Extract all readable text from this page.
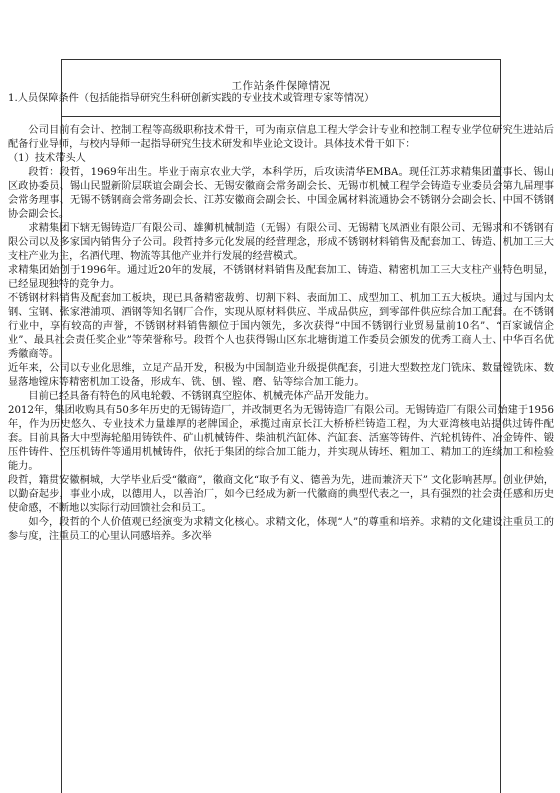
工作站条件保障情况

1.人员保障条件（包括能指导研究生科研创新实践的专业技术或管理专家等情况）

公司目前有会计、控制工程等高级职称技术骨干，可为南京信息工程大学会计专业和控制工程专业学位研究生进站后配备行业导师，与校内导师一起指导研究生技术研发和毕业论文设计。具体技术骨干如下：

（1）技术带头人

段哲：段哲，1969年出生。毕业于南京农业大学，本科学历，后攻读清华EMBA。现任江苏求精集团董事长、锡山区政协委员、锡山民盟新阶层联谊会副会长、无锡安徽商会常务副会长、无锡市机械工程学会铸造专业委员会第九届理事会常务理事、无锡不锈钢商会常务副会长、江苏安徽商会副会长、中国金属材料流通协会不锈钢分会副会长、中国不锈钢协会副会长。

求精集团下辖无锡铸造厂有限公司、雄狮机械制造（无锡）有限公司、无锡精飞凤酒业有限公司、无锡求和不锈钢有限公司以及多家国内销售分子公司。段哲持多元化发展的经营理念，形成不锈钢材料销售及配套加工、铸造、机加工三大支柱产业为主，名酒代理、物流等其他产业并行发展的经营模式。

求精集团始创于1996年。通过近20年的发展，不锈钢材料销售及配套加工、铸造、精密机加工三大支柱产业特色明显，已经显现独特的竞争力。

不锈钢材料销售及配套加工板块，现已具备精密裁剪、切割下料、表面加工、成型加工、机加工五大板块。通过与国内太钢、宝钢、张家港浦项、酒钢等知名钢厂合作，实现从原材料供应、半成品供应，到零部件供应综合加工配套。在不锈钢行业中，享有较高的声誉，不锈钢材料销售额位于国内领先，多次获得“中国不锈钢行业贸易量前10名”、“百家诚信企业”、最具社会责任奖企业”等荣誉称号。段哲个人也获得锡山区东北塘街道工作委员会颁发的优秀工商人士、中华百名优秀徽商等。

近年来，公司以专业化思维，立足产品开发，积极为中国制造业升级提供配套，引进大型数控龙门铣床、数量镗铣床、数显落地镗床等精密机加工设备，形成车、铣、刨、镗、磨、钻等综合加工能力。

目前已经具备有特色的风电轮毂、不锈钢真空腔体、机械壳体产品开发能力。

2012年，集团收购具有50多年历史的无锡铸造厂，并改制更名为无锡铸造厂有限公司。无锡铸造厂有限公司始建于1956年，作为历史悠久、专业技术力量雄厚的老牌国企，承揽过南京长江大桥桥栏铸造工程，为大亚湾核电站提供过铸件配套。目前具备大中型海轮船用铸铁件、矿山机械铸件、柴油机汽缸体、汽缸套、活塞等铸件、汽轮机铸件、冶金铸件、锻压件铸件、空压机铸件等通用机械铸件，依托于集团的综合加工能力，并实现从铸坯、粗加工、精加工的连续加工和检验能力。

段哲，籍贯安徽桐城，大学毕业后受“徽商”，徽商文化“取予有义、德善为先，进而兼济天下” 文化影响甚厚。创业伊始，以勤奋起步，事业小成，以德用人，以善治厂，如今已经成为新一代徽商的典型代表之一，具有强烈的社会责任感和历史使命感，不断地以实际行动回馈社会和员工。

如今，段哲的个人价值观已经演变为求精文化核心。求精文化，体现“人”的尊重和培养。求精的文化建设注重员工的参与度，注重员工的心里认同感培养。多次举
